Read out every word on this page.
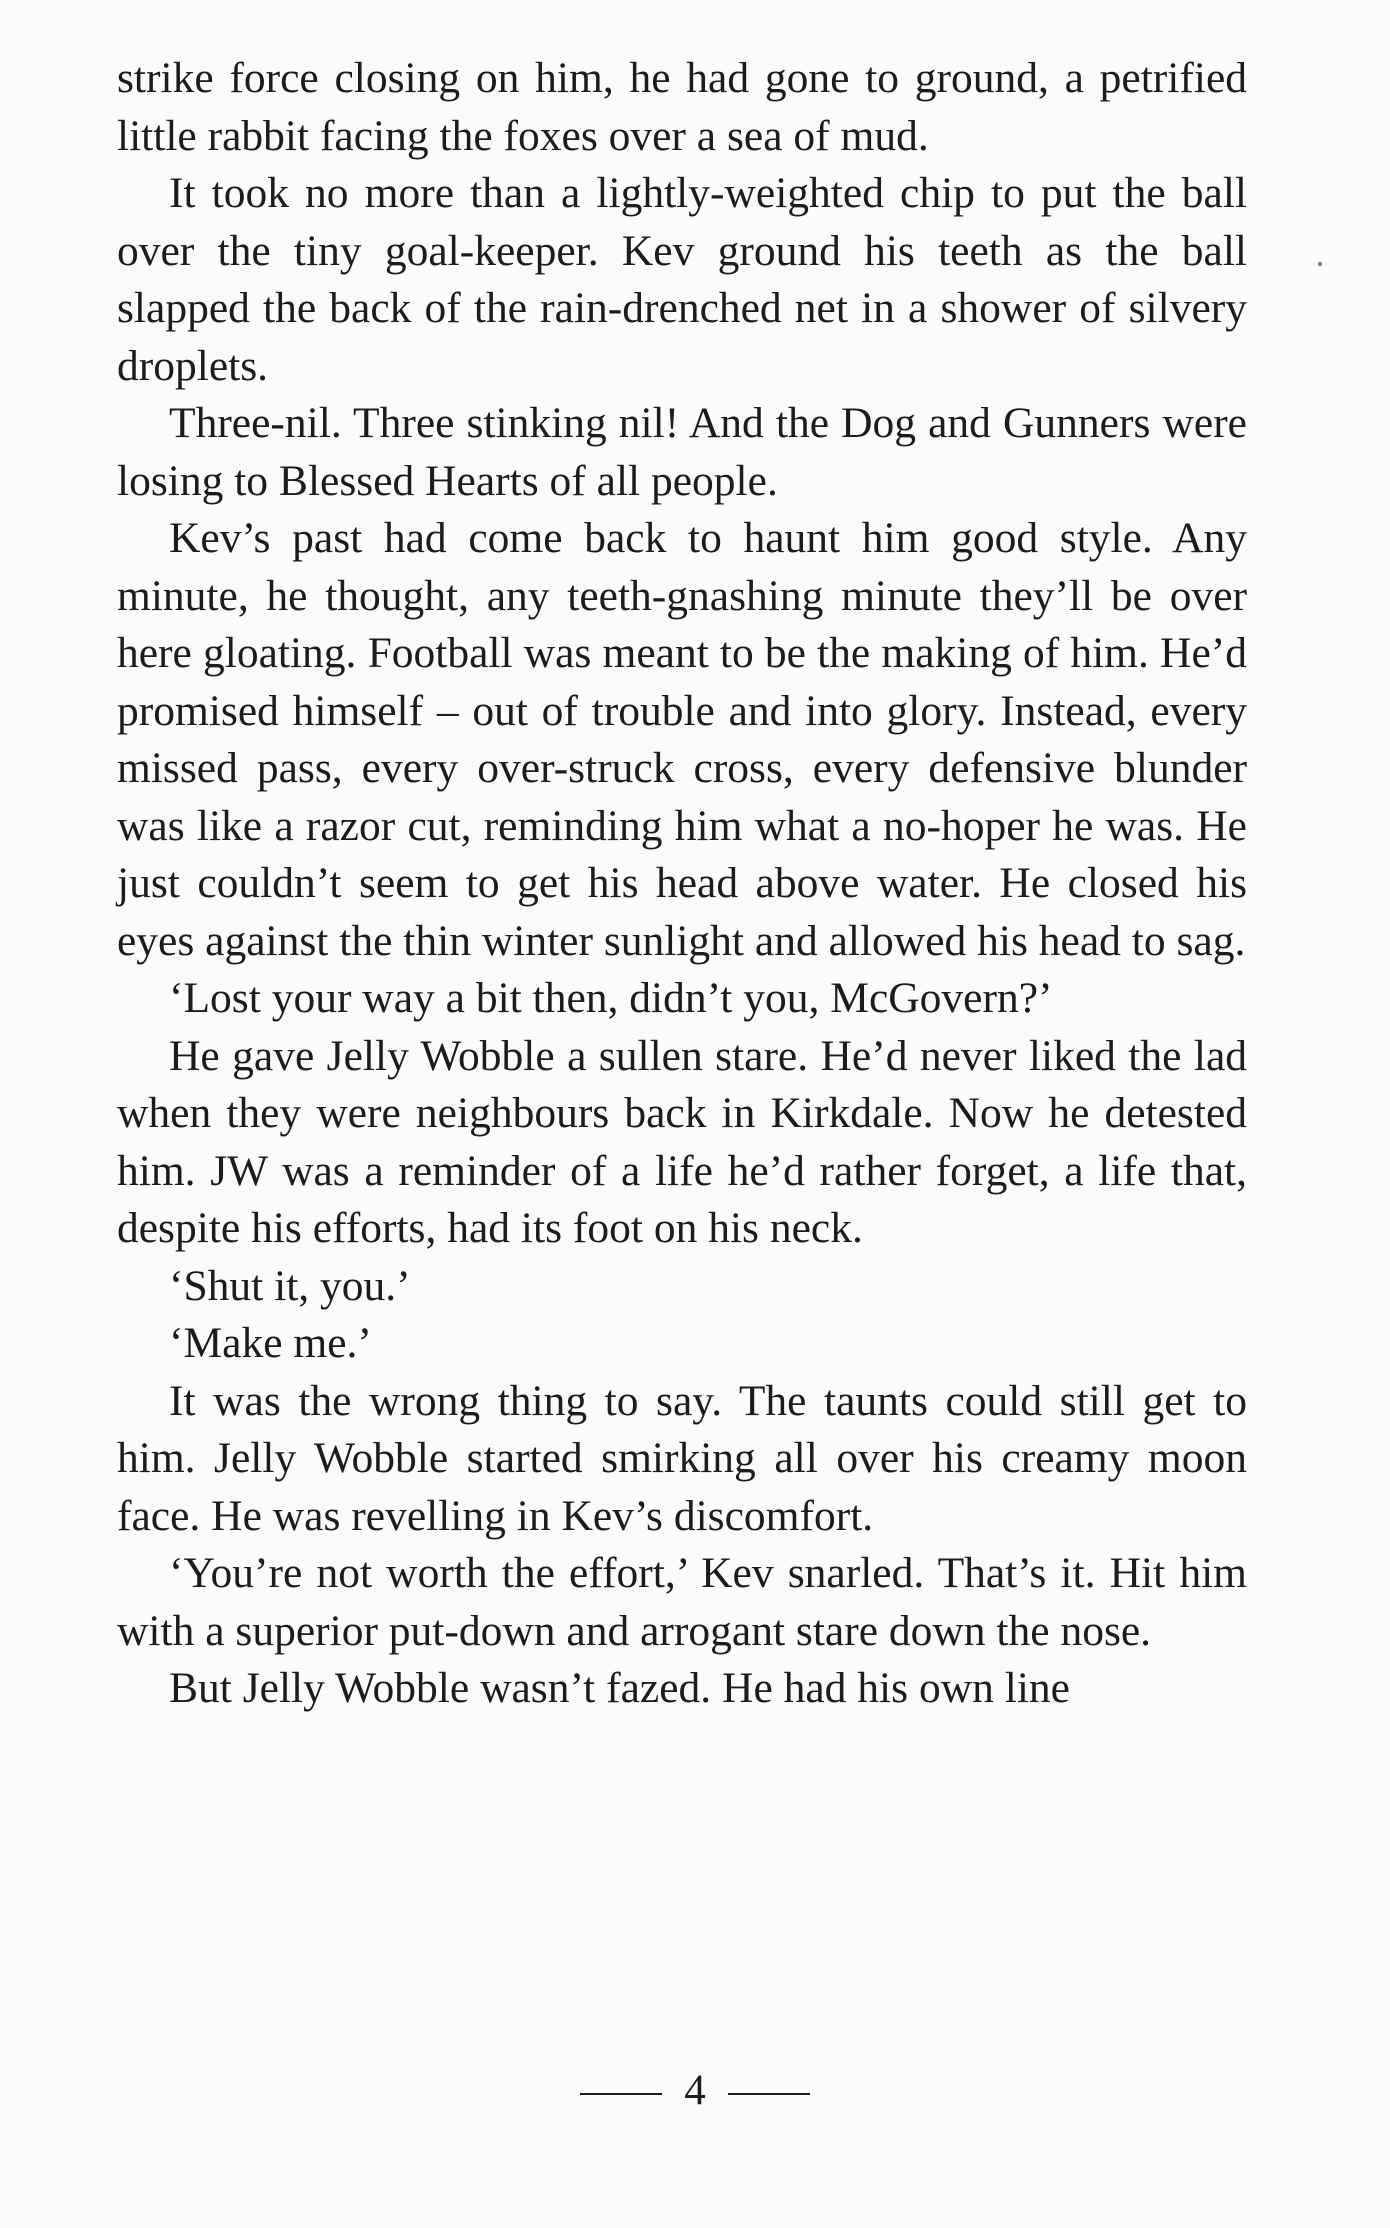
strike force closing on him, he had gone to ground, a petrified little rabbit facing the foxes over a sea of mud.

It took no more than a lightly-weighted chip to put the ball over the tiny goal-keeper. Kev ground his teeth as the ball slapped the back of the rain-drenched net in a shower of silvery droplets.

Three-nil. Three stinking nil! And the Dog and Gunners were losing to Blessed Hearts of all people.

Kev’s past had come back to haunt him good style. Any minute, he thought, any teeth-gnashing minute they’ll be over here gloating. Football was meant to be the making of him. He’d promised himself – out of trouble and into glory. Instead, every missed pass, every over-struck cross, every defensive blunder was like a razor cut, reminding him what a no-hoper he was. He just couldn’t seem to get his head above water. He closed his eyes against the thin winter sunlight and allowed his head to sag.

‘Lost your way a bit then, didn’t you, McGovern?’

He gave Jelly Wobble a sullen stare. He’d never liked the lad when they were neighbours back in Kirkdale. Now he detested him. JW was a reminder of a life he’d rather forget, a life that, despite his efforts, had its foot on his neck.

‘Shut it, you.’

‘Make me.’

It was the wrong thing to say. The taunts could still get to him. Jelly Wobble started smirking all over his creamy moon face. He was revelling in Kev’s discomfort.

‘You’re not worth the effort,’ Kev snarled. That’s it. Hit him with a superior put-down and arrogant stare down the nose.

But Jelly Wobble wasn’t fazed. He had his own line

4
